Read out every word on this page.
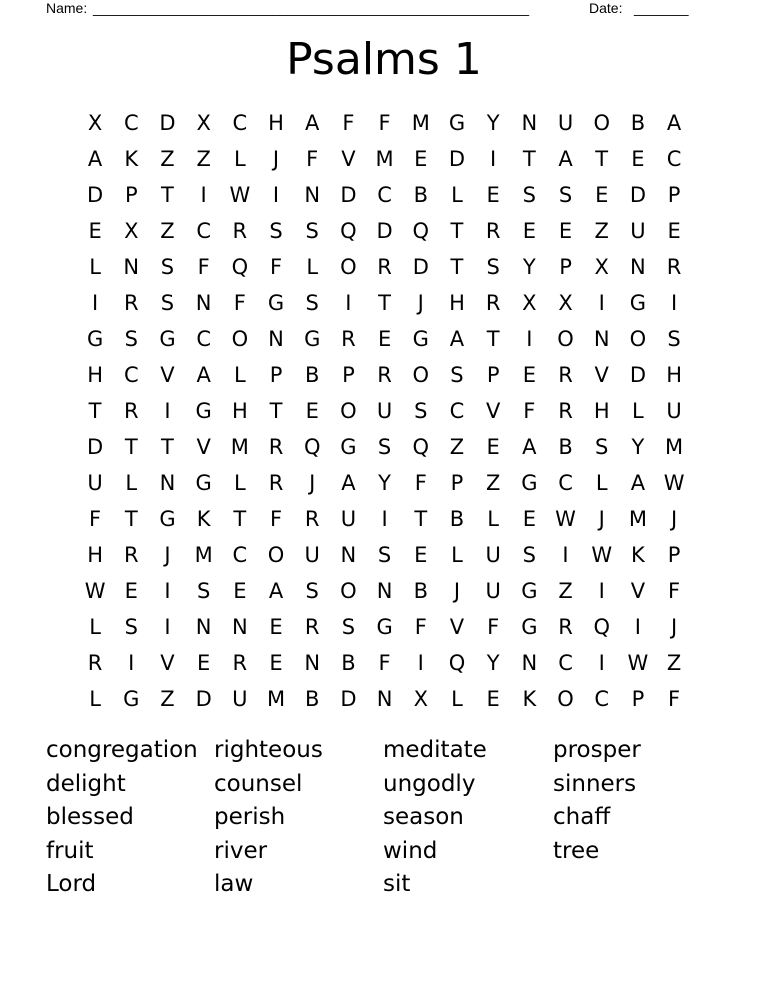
Name: ________________________________________________________	Date: _______
Psalms 1
X	C D X	C H	A	F	F	M G	Y	N U O B	A
A	K	Z	Z	L	J	F	V M E	D	I	T	A	T	E	C
D	P	T	I	W	I	N D C	B	L	E	S	S	E	D	P
E	X	Z	C	R	S	S	Q D Q	T	R	E	E	Z	U	E
L	N	S	F	Q	F	L	O R D	T	S	Y	P	X	N	R
I	R	S	N	F	G	S	I	T	J	H	R	X	X	I	G	I
G	S	G C O N G R	E	G A	T	I	O N O	S
H C	V	A	L	P	B	P	R O	S	P	E	R	V D H
T	R	I	G H	T	E	O U	S	C	V	F	R H	L	U
D	T	T	V M R Q G	S	Q Z	E	A	B	S	Y M
U	L	N G	L	R	J	A	Y	F	P	Z G C	L	A W
F	T	G	K	T	F	R	U	I	T	B	L	E W	J	M	J
H	R	J	M C O U N	S	E	L	U	S	I	W K	P
W E	I	S	E	A	S	O N	B	J	U G Z	I	V	F
L	S	I	N N	E	R	S	G	F	V	F	G R Q	I	J
R	I	V	E	R	E	N	B	F	I	Q	Y	N C	I	W Z
L	G Z D U M B D N	X	L	E	K	O C	P	F
congregation
delight
blessed
fruit
Lord
righteous
counsel
perish
river
law
meditate
ungodly
season
wind
sit
prosper
sinners
chaff
tree
